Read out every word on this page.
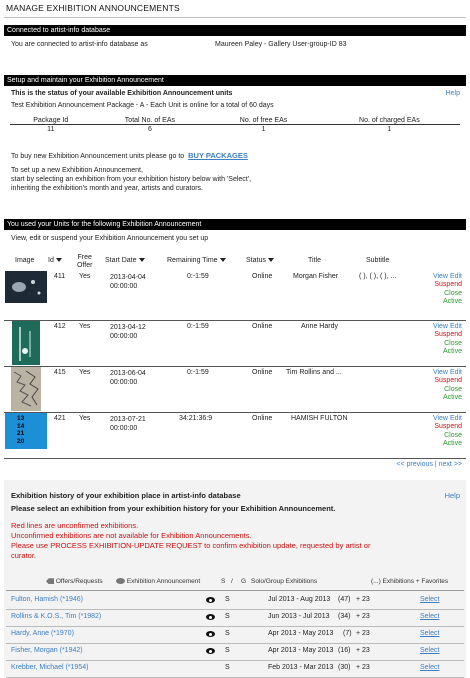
MANAGE EXHIBITION ANNOUNCEMENTS
Connected to artist-info database
You are connected to artist-info database as	Maureen Paley - Gallery User-group-ID 83
Setup and maintain your Exhibition Announcement
This is the status of your available Exhibition Announcement units	Help
Test Exhibition Announcement Package - A - Each Unit is online for a total of 60 days
Package Id	Total No. of EAs	No. of free EAs	No. of charged EAs
11	6	1	1
To buy new Exhibition Announcement units please go to BUY PACKAGES
To set up a new Exhibition Announcement,
start by selecting an exhibition from your exhibition history below with 'Select',
inheriting the exhibition's month and year, artists and curators.
You used your Units for the following Exhibition Announcement
View, edit or suspend your Exhibition Announcement you set up
Image Id	Free
Offer
Start Date	Remaining Time	Status	Title	Subtitle
411 Yes	2013-04-04
00:00:00
0:-1:59	Online	Morgan Fisher	( ), ( ), ( ), ...	View Edit
Suspend
Close
Active
412 Yes	2013-04-12
00:00:00
0:-1:59	Online	Anne Hardy	View Edit
Suspend
Close
Active
415 Yes	2013-06-04
00:00:00
0:-1:59	Online Tim Rollins and ...	View Edit
Suspend
Close
Active
13
14
21
20
421 Yes	2013-07-21
00:00:00
34:21:36:9	Online	HAMISH FULTON	View Edit
Suspend
Close
Active
<< previous | next >>
Exhibition history of your exhibition place in artist-info database	Help
Please select an exhibition from your exhibition history for your Exhibition Announcement.
Red lines are unconfirmed exhibitions.
Unconfirmed exhibitions are not available for Exhibition Announcements.
Please use PROCESS EXHIBITION-UPDATE REQUEST to confirm exhibition update, requested by artist or
curator.
Offers/Requests	Exhibition Announcement	S / G Solo/Group Exhibitions	(...) Exhibitions + Favorites
Fulton, Hamish (*1946)	S	Jul 2013 - Aug 2013 (47) + 23	Select
Rollins & K.O.S., Tim (*1982)	S	Jun 2013 - Jul 2013 (34) + 23	Select
Hardy, Anne (*1970)	S	Apr 2013 - May 2013 (7) + 23	Select
Fisher, Morgan (*1942)	S	Apr 2013 - May 2013 (16) + 23	Select
Krebber, Michael (*1954)	S	Feb 2013 - Mar 2013 (30) + 23	Select
